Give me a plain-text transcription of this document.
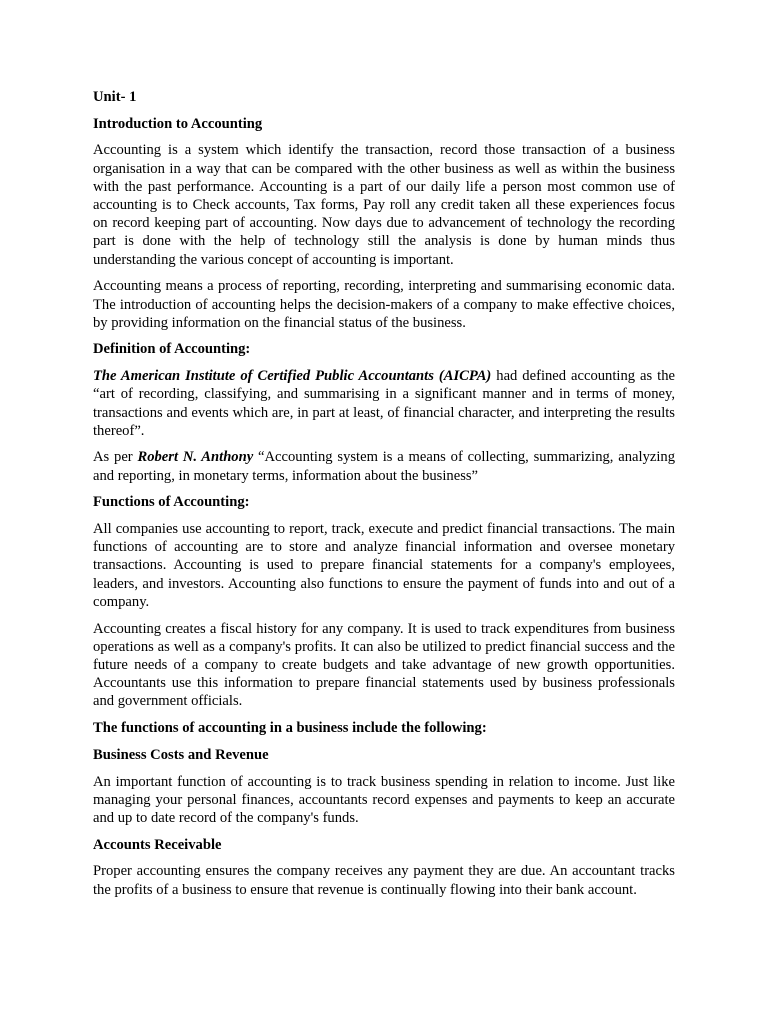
Unit- 1

Introduction to Accounting

Accounting is a system which identify the transaction, record those transaction of a business organisation in a way that can be compared with the other business as well as within the business with the past performance. Accounting is a part of our daily life a person most common use of accounting is to Check accounts, Tax forms, Pay roll any credit taken all these experiences focus on record keeping part of accounting. Now days due to advancement of technology the recording part is done with the help of technology still the analysis is done by human minds thus understanding the various concept of accounting is important.

Accounting means a process of reporting, recording, interpreting and summarising economic data. The introduction of accounting helps the decision-makers of a company to make effective choices, by providing information on the financial status of the business.

Definition of Accounting:

The American Institute of Certified Public Accountants (AICPA) had defined accounting as the “art of recording, classifying, and summarising in a significant manner and in terms of money, transactions and events which are, in part at least, of financial character, and interpreting the results thereof”.

As per Robert N. Anthony “Accounting system is a means of collecting, summarizing, analyzing and reporting, in monetary terms, information about the business”

Functions of Accounting:

All companies use accounting to report, track, execute and predict financial transactions. The main functions of accounting are to store and analyze financial information and oversee monetary transactions. Accounting is used to prepare financial statements for a company's employees, leaders, and investors. Accounting also functions to ensure the payment of funds into and out of a company.

Accounting creates a fiscal history for any company. It is used to track expenditures from business operations as well as a company's profits. It can also be utilized to predict financial success and the future needs of a company to create budgets and take advantage of new growth opportunities. Accountants use this information to prepare financial statements used by business professionals and government officials.

The functions of accounting in a business include the following:

Business Costs and Revenue

An important function of accounting is to track business spending in relation to income. Just like managing your personal finances, accountants record expenses and payments to keep an accurate and up to date record of the company's funds.

Accounts Receivable

Proper accounting ensures the company receives any payment they are due. An accountant tracks the profits of a business to ensure that revenue is continually flowing into their bank account.
